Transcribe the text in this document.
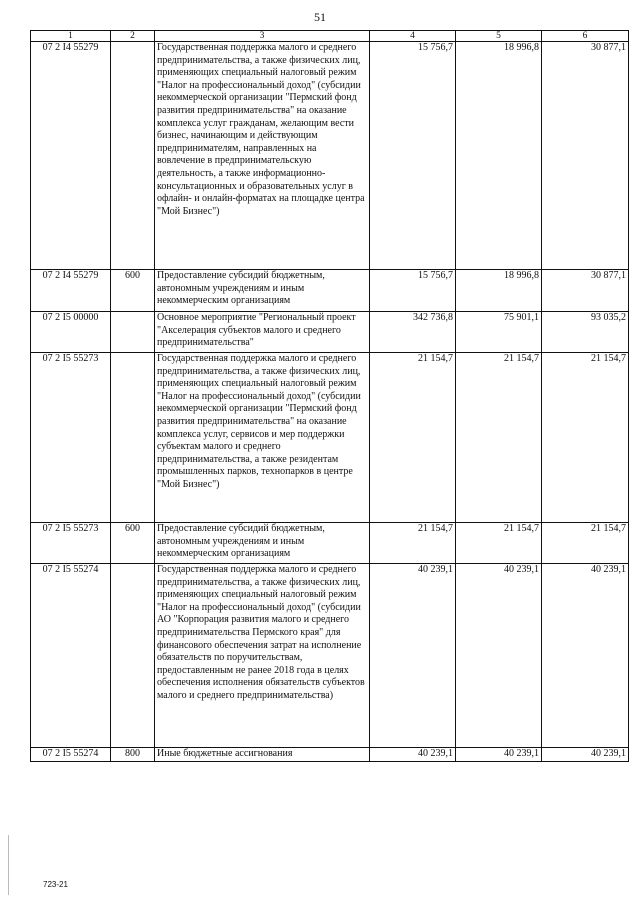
51
1	2	3	4	5	6
07 2 I4 55279		Государственная поддержка малого и среднего предпринимательства, а также физических лиц, применяющих специальный налоговый режим "Налог на профессиональный доход" (субсидии некоммерческой организации "Пермский фонд развития предпринимательства" на оказание комплекса услуг гражданам, желающим вести бизнес, начинающим и действующим предпринимателям, направленных на вовлечение в предпринимательскую деятельность, а также информационно-консультационных и образовательных услуг в офлайн- и онлайн-форматах на площадке центра "Мой Бизнес")	15 756,7	18 996,8	30 877,1
07 2 I4 55279	600	Предоставление субсидий бюджетным, автономным учреждениям и иным некоммерческим организациям	15 756,7	18 996,8	30 877,1
07 2 I5 00000		Основное мероприятие "Региональный проект "Акселерация субъектов малого и среднего предпринимательства"	342 736,8	75 901,1	93 035,2
07 2 I5 55273		Государственная поддержка малого и среднего предпринимательства, а также физических лиц, применяющих специальный налоговый режим "Налог на профессиональный доход" (субсидии некоммерческой организации "Пермский фонд развития предпринимательства" на оказание комплекса услуг, сервисов и мер поддержки субъектам малого и среднего предпринимательства, а также резидентам промышленных парков, технопарков в центре "Мой Бизнес")	21 154,7	21 154,7	21 154,7
07 2 I5 55273	600	Предоставление субсидий бюджетным, автономным учреждениям и иным некоммерческим организациям	21 154,7	21 154,7	21 154,7
07 2 I5 55274		Государственная поддержка малого и среднего предпринимательства, а также физических лиц, применяющих специальный налоговый режим "Налог на профессиональный доход" (субсидии АО "Корпорация развития малого и среднего предпринимательства Пермского края" для финансового обеспечения затрат на исполнение обязательств по поручительствам, предоставленным не ранее 2018 года в целях обеспечения исполнения обязательств субъектов малого и среднего предпринимательства)	40 239,1	40 239,1	40 239,1
07 2 I5 55274	800	Иные бюджетные ассигнования	40 239,1	40 239,1	40 239,1
723-21
